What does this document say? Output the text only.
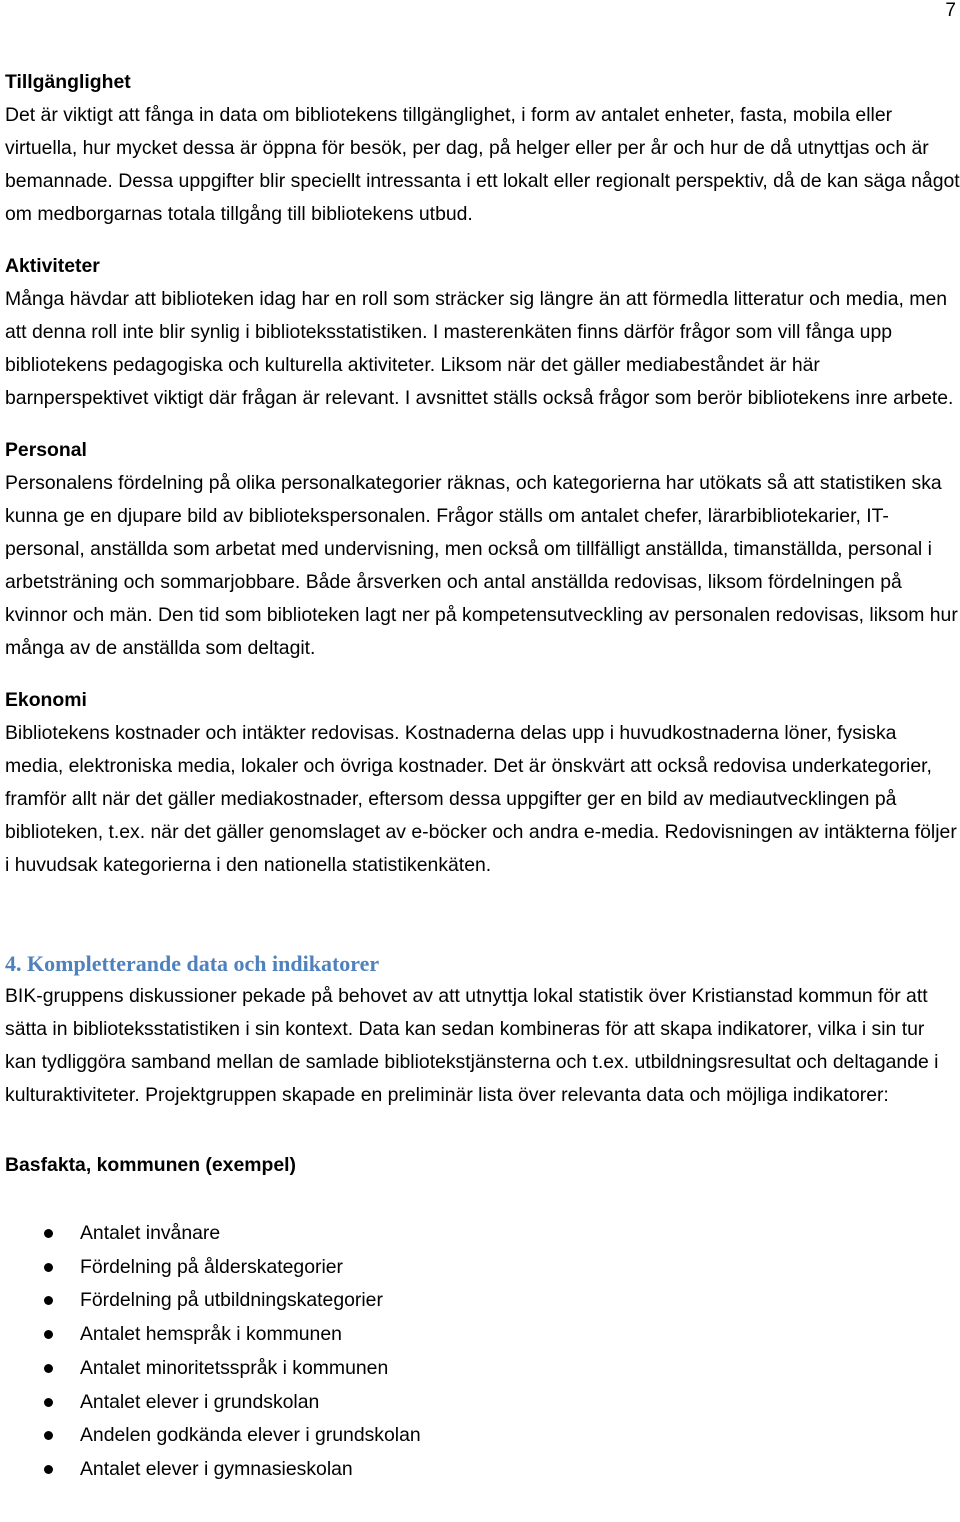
7

Tillgänglighet

Det är viktigt att fånga in data om bibliotekens tillgänglighet, i form av antalet enheter, fasta, mobila eller virtuella, hur mycket dessa är öppna för besök, per dag, på helger eller per år och hur de då utnyttjas och är bemannade. Dessa uppgifter blir speciellt intressanta i ett lokalt eller regionalt perspektiv, då de kan säga något om medborgarnas totala tillgång till bibliotekens utbud.

Aktiviteter

Många hävdar att biblioteken idag har en roll som sträcker sig längre än att förmedla litteratur och media, men att denna roll inte blir synlig i biblioteksstatistiken. I masterenkäten finns därför frågor som vill fånga upp bibliotekens pedagogiska och kulturella aktiviteter. Liksom när det gäller mediabeståndet är här barnperspektivet viktigt där frågan är relevant. I avsnittet ställs också frågor som berör bibliotekens inre arbete.

Personal

Personalens fördelning på olika personalkategorier räknas, och kategorierna har utökats så att statistiken ska kunna ge en djupare bild av bibliotekspersonalen. Frågor ställs om antalet chefer, lärarbibliotekarier, IT-personal, anställda som arbetat med undervisning, men också om tillfälligt anställda, timanställda, personal i arbetsträning och sommarjobbare. Både årsverken och antal anställda redovisas, liksom fördelningen på kvinnor och män. Den tid som biblioteken lagt ner på kompetensutveckling av personalen redovisas, liksom hur många av de anställda som deltagit.

Ekonomi

Bibliotekens kostnader och intäkter redovisas. Kostnaderna delas upp i huvudkostnaderna löner, fysiska media, elektroniska media, lokaler och övriga kostnader. Det är önskvärt att också redovisa underkategorier, framför allt när det gäller mediakostnader, eftersom dessa uppgifter ger en bild av mediautvecklingen på biblioteken, t.ex. när det gäller genomslaget av e-böcker och andra e-media. Redovisningen av intäkterna följer i huvudsak kategorierna i den nationella statistikenkäten.

4. Kompletterande data och indikatorer

BIK-gruppens diskussioner pekade på behovet av att utnyttja lokal statistik över Kristianstad kommun för att sätta in biblioteksstatistiken i sin kontext. Data kan sedan kombineras för att skapa indikatorer, vilka i sin tur kan tydliggöra samband mellan de samlade bibliotekstjänsterna och t.ex. utbildningsresultat och deltagande i kulturaktiviteter. Projektgruppen skapade en preliminär lista över relevanta data och möjliga indikatorer:

Basfakta, kommunen (exempel)

Antalet invånare
Fördelning på ålderskategorier
Fördelning på utbildningskategorier
Antalet hemspråk i kommunen
Antalet minoritetsspråk i kommunen
Antalet elever i grundskolan
Andelen godkända elever i grundskolan
Antalet elever i gymnasieskolan
